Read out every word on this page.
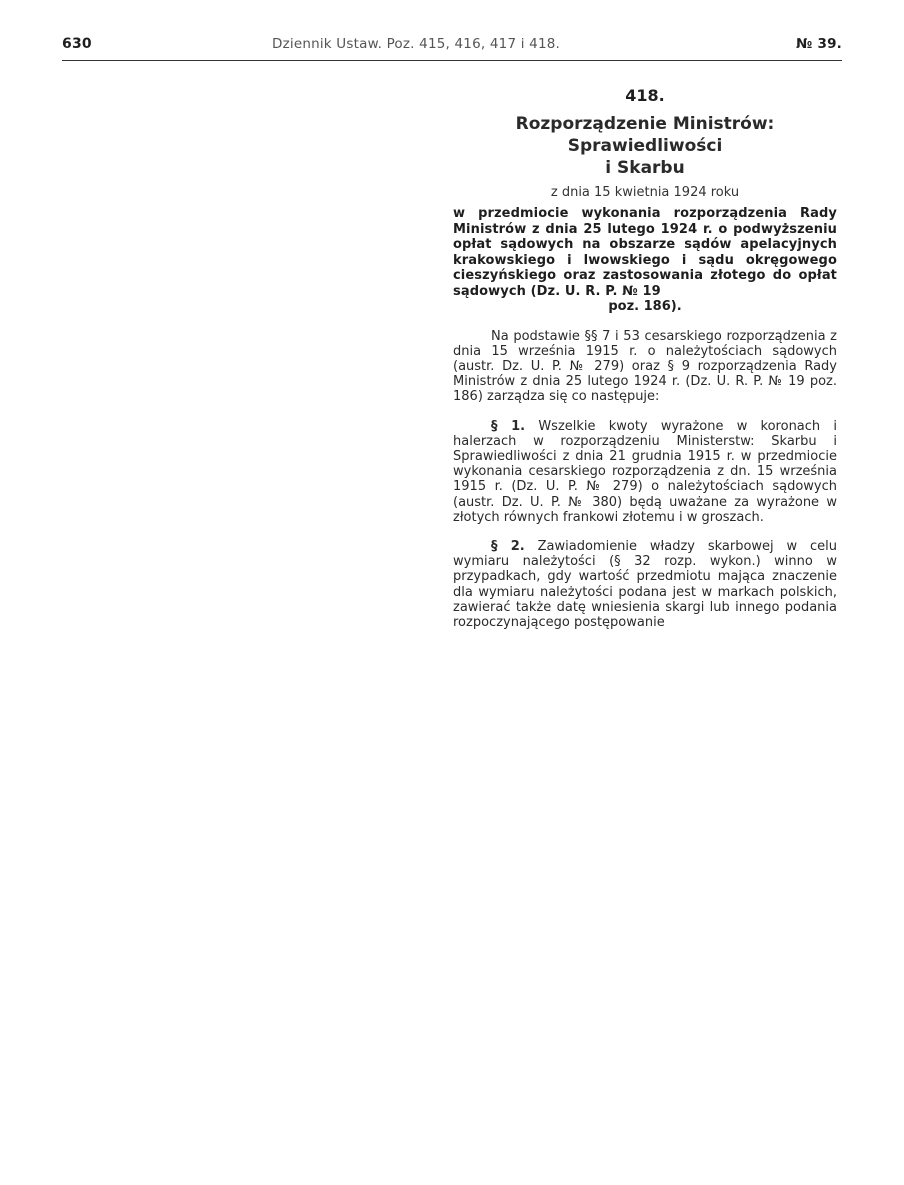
630	Dziennik Ustaw. Poz. 415, 416, 417 i 418.	№ 39.
418.
Rozporządzenie Ministrów: Sprawiedliwości
i Skarbu
z dnia 15 kwietnia 1924 roku
w przedmiocie wykonania rozporządzenia Rady Ministrów z dnia 25 lutego 1924 r. o podwyższeniu opłat sądowych na obszarze sądów apelacyjnych krakowskiego i lwowskiego i sądu okręgowego cieszyńskiego oraz zastosowania złotego do opłat sądowych (Dz. U. R. P. № 19
poz. 186).

Na podstawie §§ 7 i 53 cesarskiego rozporządzenia z dnia 15 września 1915 r. o należytościach sądowych (austr. Dz. U. P. № 279) oraz § 9 rozporządzenia Rady Ministrów z dnia 25 lutego 1924 r. (Dz. U. R. P. № 19 poz. 186) zarządza się co następuje:

§ 1. Wszelkie kwoty wyrażone w koronach i halerzach w rozporządzeniu Ministerstw: Skarbu i Sprawiedliwości z dnia 21 grudnia 1915 r. w przedmiocie wykonania cesarskiego rozporządzenia z dn. 15 września 1915 r. (Dz. U. P. № 279) o należytościach sądowych (austr. Dz. U. P. № 380) będą uważane za wyrażone w złotych równych frankowi złotemu i w groszach.

§ 2. Zawiadomienie władzy skarbowej w celu wymiaru należytości (§ 32 rozp. wykon.) winno w przypadkach, gdy wartość przedmiotu mająca znaczenie dla wymiaru należytości podana jest w markach polskich, zawierać także datę wniesienia skargi lub innego podania rozpoczynającego postępowanie
